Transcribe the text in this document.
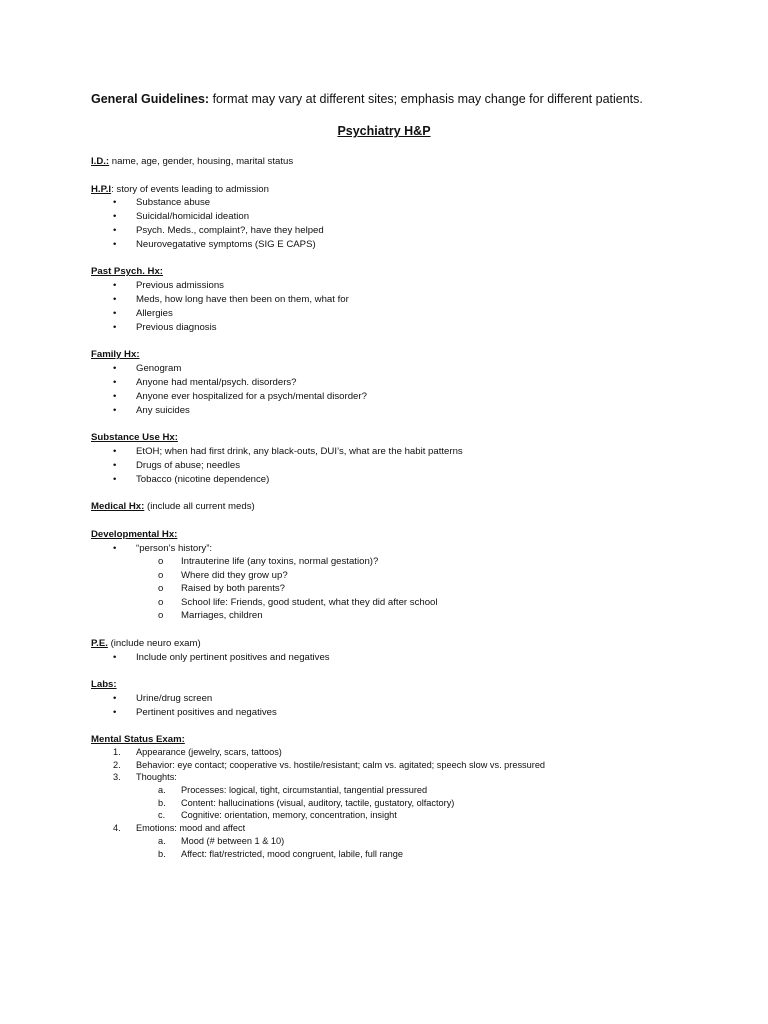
General Guidelines: format may vary at different sites; emphasis may change for different patients.
Psychiatry H&P
I.D.: name, age, gender, housing, marital status
H.P.I: story of events leading to admission
•	Substance abuse
•	Suicidal/homicidal ideation
•	Psych. Meds., complaint?, have they helped
•	Neurovegatative symptoms (SIG E CAPS)
Past Psych. Hx:
•	Previous admissions
•	Meds, how long have then been on them, what for
•	Allergies
•	Previous diagnosis
Family Hx:
•	Genogram
•	Anyone had mental/psych. disorders?
•	Anyone ever hospitalized for a psych/mental disorder?
•	Any suicides
Substance Use Hx:
•	EtOH; when had first drink, any black-outs, DUI’s, what are the habit patterns
•	Drugs of abuse; needles
•	Tobacco (nicotine dependence)
Medical Hx: (include all current meds)
Developmental Hx:
•	“person’s history”:
o Intrauterine life (any toxins, normal gestation)?
o Where did they grow up?
o Raised by both parents?
o School life: Friends, good student, what they did after school
o Marriages, children
P.E. (include neuro exam)
•	Include only pertinent positives and negatives
Labs:
•	Urine/drug screen
•	Pertinent positives and negatives
Mental Status Exam:
1. Appearance (jewelry, scars, tattoos)
2. Behavior: eye contact; cooperative vs. hostile/resistant; calm vs. agitated; speech slow vs. pressured
3. Thoughts:
a. Processes: logical, tight, circumstantial, tangential pressured
b. Content: hallucinations (visual, auditory, tactile, gustatory, olfactory)
c. Cognitive: orientation, memory, concentration, insight
4. Emotions: mood and affect
a. Mood (# between 1 & 10)
b. Affect: flat/restricted, mood congruent, labile, full range
